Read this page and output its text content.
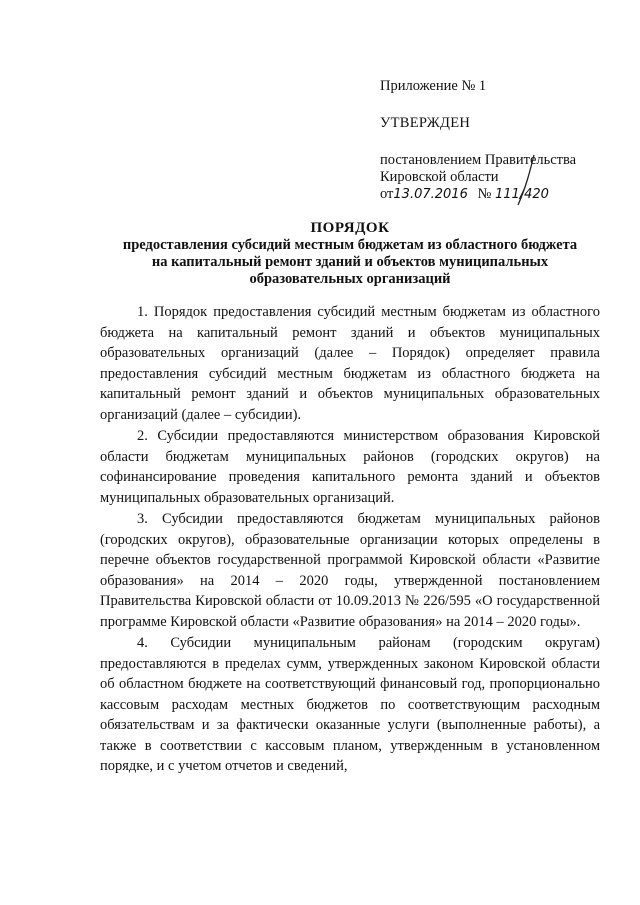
Приложение № 1
УТВЕРЖДЕН
постановлением Правительства
Кировской области
от13.07.2016 № 111/420
ПОРЯДОК
предоставления субсидий местным бюджетам из областного бюджета
на капитальный ремонт зданий и объектов муниципальных
образовательных организаций

1. Порядок предоставления субсидий местным бюджетам из областного бюджета на капитальный ремонт зданий и объектов муниципальных образовательных организаций (далее – Порядок) определяет правила предоставления субсидий местным бюджетам из областного бюджета на капитальный ремонт зданий и объектов муниципальных образовательных организаций (далее – субсидии).

2. Субсидии предоставляются министерством образования Кировской области бюджетам муниципальных районов (городских округов) на софинансирование проведения капитального ремонта зданий и объектов муниципальных образовательных организаций.

3. Субсидии предоставляются бюджетам муниципальных районов (городских округов), образовательные организации которых определены в перечне объектов государственной программой Кировской области «Развитие образования» на 2014 – 2020 годы, утвержденной постановлением Правительства Кировской области от 10.09.2013 № 226/595 «О государственной программе Кировской области «Развитие образования» на 2014 – 2020 годы».

4. Субсидии муниципальным районам (городским округам) предоставляются в пределах сумм, утвержденных законом Кировской области об областном бюджете на соответствующий финансовый год, пропорционально кассовым расходам местных бюджетов по соответствующим расходным обязательствам и за фактически оказанные услуги (выполненные работы), а также в соответствии с кассовым планом, утвержденным в установленном порядке, и с учетом отчетов и сведений,
